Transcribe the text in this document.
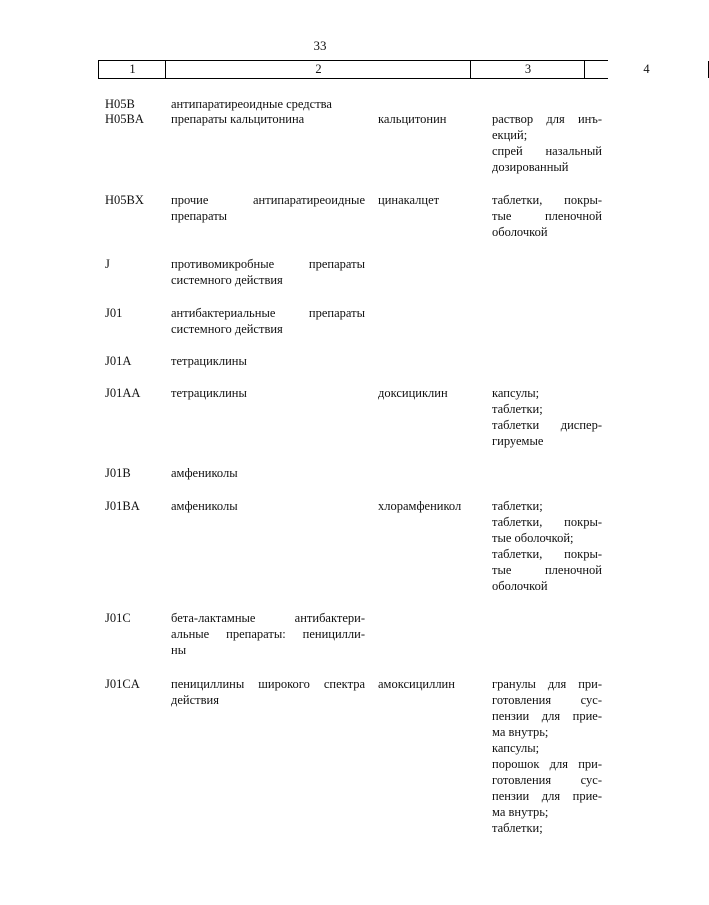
33
1	2	3	4
H05B	антипаратиреоидные средства
H05BA	препараты кальцитонина	кальцитонин	раствор для инъ-
екций;
спрей назальный
дозированный
H05BX	прочие антипаратиреоидные
препараты
цинакалцет	таблетки, покры-
тые пленочной
оболочкой
J	противомикробные препараты
системного действия
J01	антибактериальные препараты
системного действия
J01A	тетрациклины
J01AA	тетрациклины	доксициклин	капсулы;
таблетки;
таблетки диспер-
гируемые
J01B	амфениколы
J01BA	амфениколы	хлорамфеникол	таблетки;
таблетки, покры-
тые оболочкой;
таблетки, покры-
тые пленочной
оболочкой
J01C	бета-лактамные антибактери-
альные препараты: пеницилли-
ны
J01CA	пенициллины широкого спектра
действия
амоксициллин	гранулы для при-
готовления сус-
пензии для прие-
ма внутрь;
капсулы;
порошок для при-
готовления сус-
пензии для прие-
ма внутрь;
таблетки;
